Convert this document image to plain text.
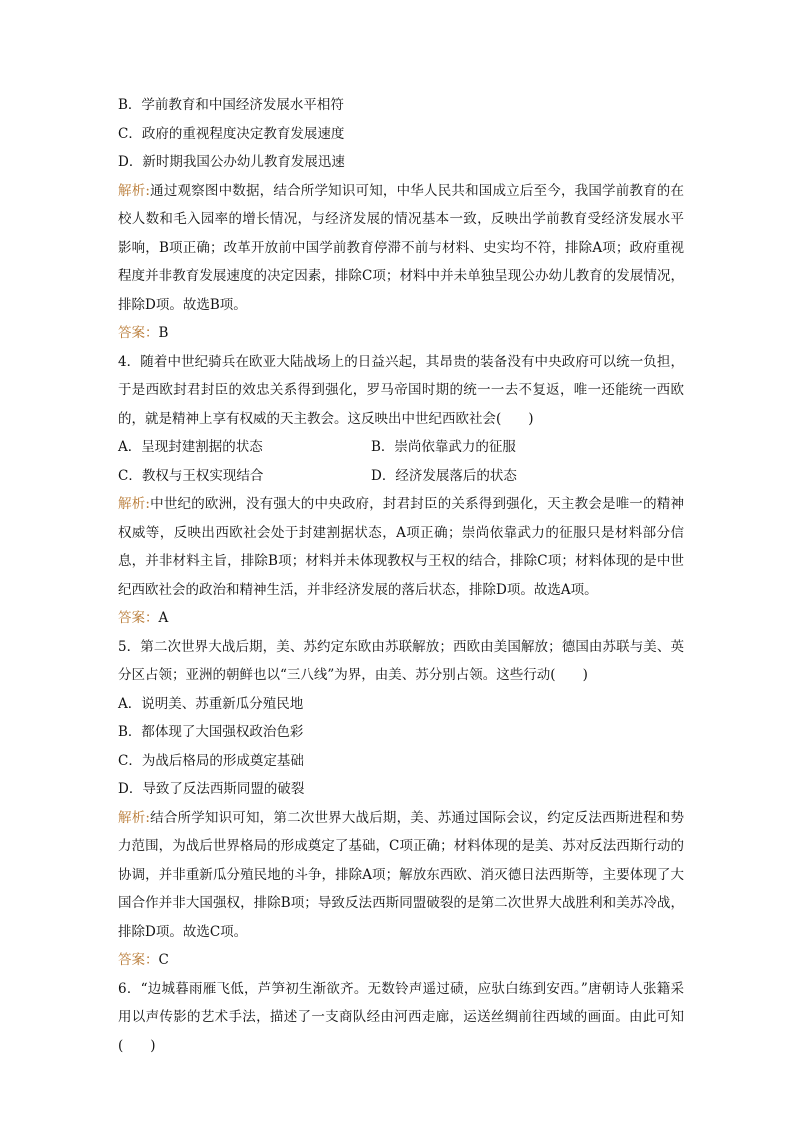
B．学前教育和中国经济发展水平相符

C．政府的重视程度决定教育发展速度

D．新时期我国公办幼儿教育发展迅速

解析:通过观察图中数据，结合所学知识可知，中华人民共和国成立后至今，我国学前教育的在校人数和毛入园率的增长情况，与经济发展的情况基本一致，反映出学前教育受经济发展水平影响，B项正确；改革开放前中国学前教育停滞不前与材料、史实均不符，排除A项；政府重视程度并非教育发展速度的决定因素，排除C项；材料中并未单独呈现公办幼儿教育的发展情况，排除D项。故选B项。

答案：B

4．随着中世纪骑兵在欧亚大陆战场上的日益兴起，其昂贵的装备没有中央政府可以统一负担，于是西欧封君封臣的效忠关系得到强化，罗马帝国时期的统一一去不复返，唯一还能统一西欧的，就是精神上享有权威的天主教会。这反映出中世纪西欧社会(　　)

A．呈现封建割据的状态	B．崇尚依靠武力的征服
C．教权与王权实现结合	D．经济发展落后的状态

解析:中世纪的欧洲，没有强大的中央政府，封君封臣的关系得到强化，天主教会是唯一的精神权威等，反映出西欧社会处于封建割据状态，A项正确；崇尚依靠武力的征服只是材料部分信息，并非材料主旨，排除B项；材料并未体现教权与王权的结合，排除C项；材料体现的是中世纪西欧社会的政治和精神生活，并非经济发展的落后状态，排除D项。故选A项。

答案：A

5．第二次世界大战后期，美、苏约定东欧由苏联解放；西欧由美国解放；德国由苏联与美、英分区占领；亚洲的朝鲜也以“三八线”为界，由美、苏分别占领。这些行动(　　)

A．说明美、苏重新瓜分殖民地

B．都体现了大国强权政治色彩

C．为战后格局的形成奠定基础

D．导致了反法西斯同盟的破裂

解析:结合所学知识可知，第二次世界大战后期，美、苏通过国际会议，约定反法西斯进程和势力范围，为战后世界格局的形成奠定了基础，C项正确；材料体现的是美、苏对反法西斯行动的协调，并非重新瓜分殖民地的斗争，排除A项；解放东西欧、消灭德日法西斯等，主要体现了大国合作并非大国强权，排除B项；导致反法西斯同盟破裂的是第二次世界大战胜利和美苏冷战，排除D项。故选C项。

答案：C

6．“边城暮雨雁飞低，芦笋初生渐欲齐。无数铃声遥过碛，应驮白练到安西。”唐朝诗人张籍采用以声传影的艺术手法，描述了一支商队经由河西走廊，运送丝绸前往西域的画面。由此可知(　　)
